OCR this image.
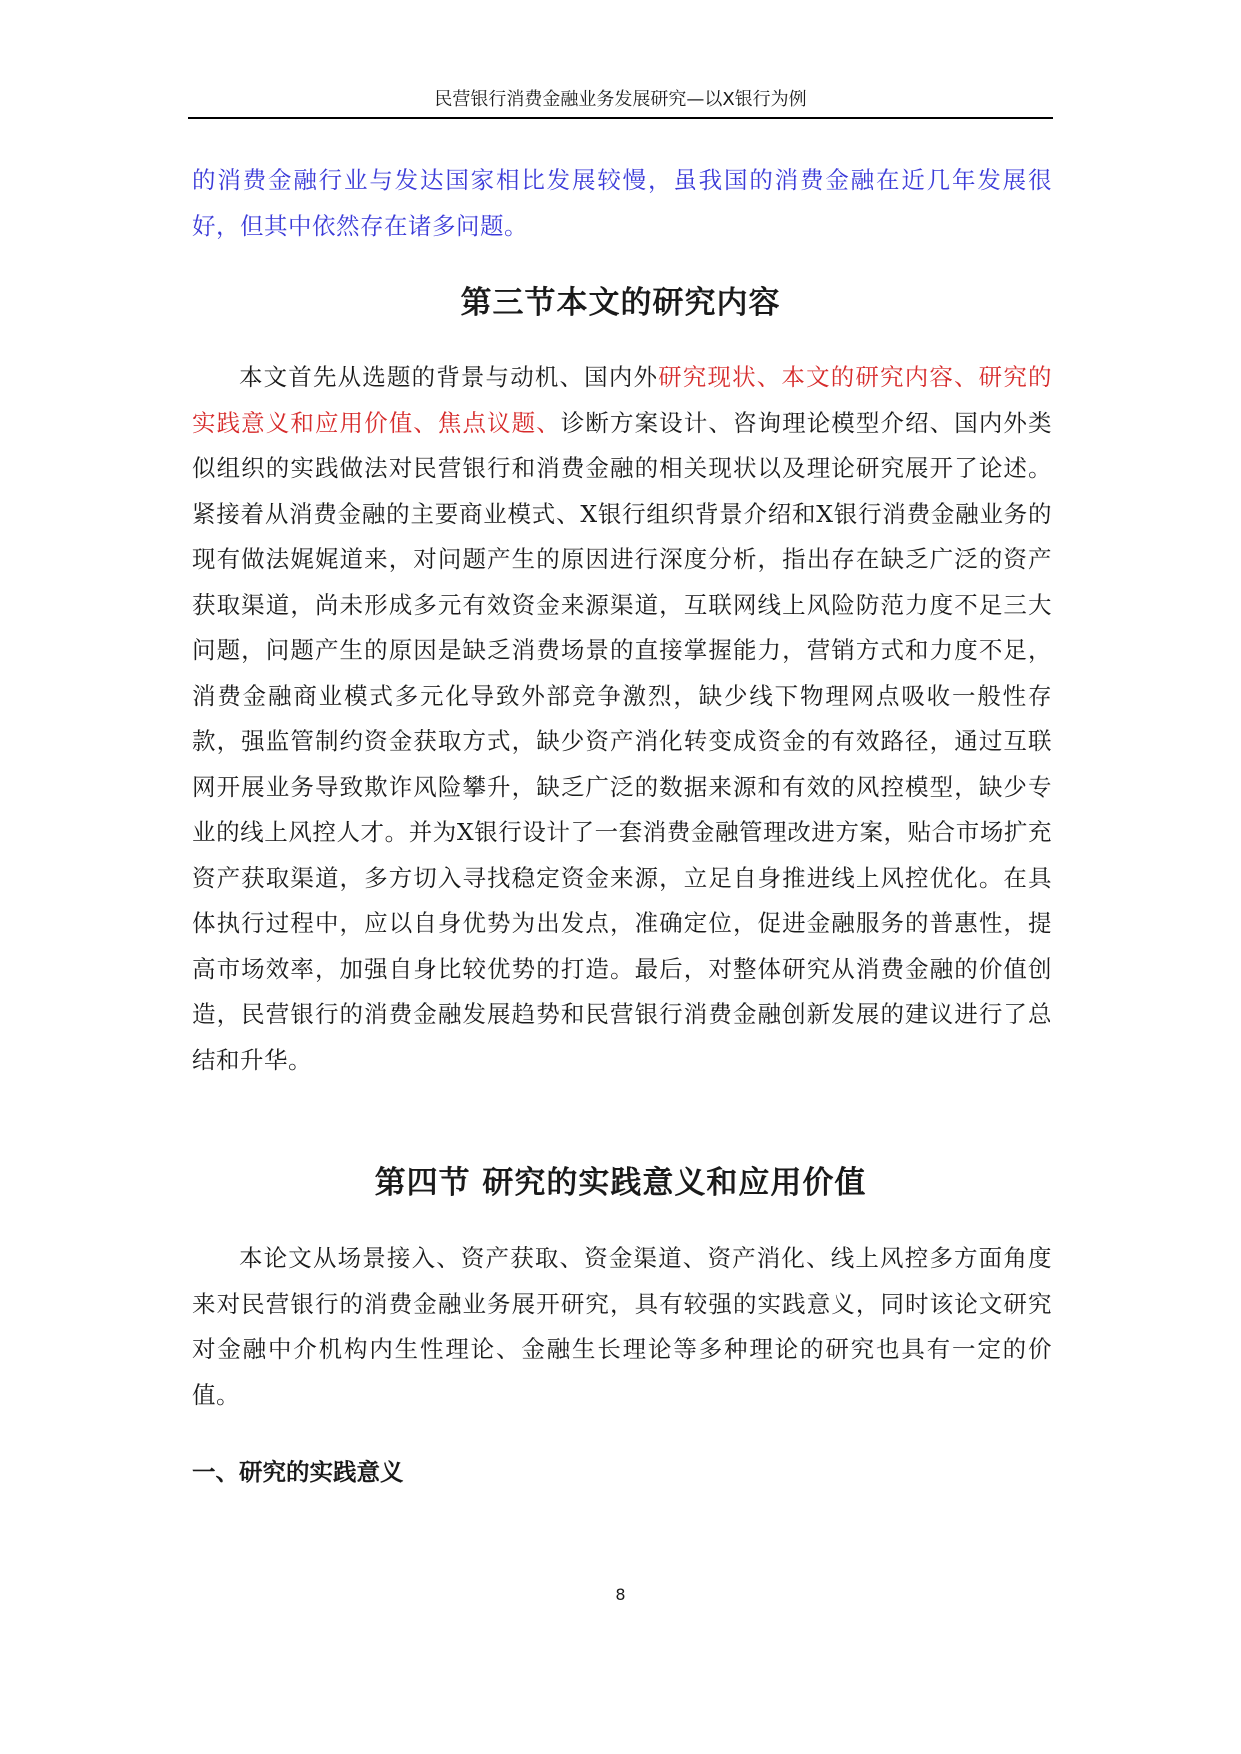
民营银行消费金融业务发展研究—以X银行为例

的消费金融行业与发达国家相比发展较慢，虽我国的消费金融在近几年发展很好，但其中依然存在诸多问题。

第三节本文的研究内容

本文首先从选题的背景与动机、国内外研究现状、本文的研究内容、研究的实践意义和应用价值、焦点议题、诊断方案设计、咨询理论模型介绍、国内外类似组织的实践做法对民营银行和消费金融的相关现状以及理论研究展开了论述。紧接着从消费金融的主要商业模式、X银行组织背景介绍和X银行消费金融业务的现有做法娓娓道来，对问题产生的原因进行深度分析，指出存在缺乏广泛的资产获取渠道，尚未形成多元有效资金来源渠道，互联网线上风险防范力度不足三大问题，问题产生的原因是缺乏消费场景的直接掌握能力，营销方式和力度不足，消费金融商业模式多元化导致外部竞争激烈，缺少线下物理网点吸收一般性存款，强监管制约资金获取方式，缺少资产消化转变成资金的有效路径，通过互联网开展业务导致欺诈风险攀升，缺乏广泛的数据来源和有效的风控模型，缺少专业的线上风控人才。并为X银行设计了一套消费金融管理改进方案，贴合市场扩充资产获取渠道，多方切入寻找稳定资金来源，立足自身推进线上风控优化。在具体执行过程中，应以自身优势为出发点，准确定位，促进金融服务的普惠性，提高市场效率，加强自身比较优势的打造。最后，对整体研究从消费金融的价值创造，民营银行的消费金融发展趋势和民营银行消费金融创新发展的建议进行了总结和升华。

第四节 研究的实践意义和应用价值

本论文从场景接入、资产获取、资金渠道、资产消化、线上风控多方面角度来对民营银行的消费金融业务展开研究，具有较强的实践意义，同时该论文研究对金融中介机构内生性理论、金融生长理论等多种理论的研究也具有一定的价值。

一、研究的实践意义
8
